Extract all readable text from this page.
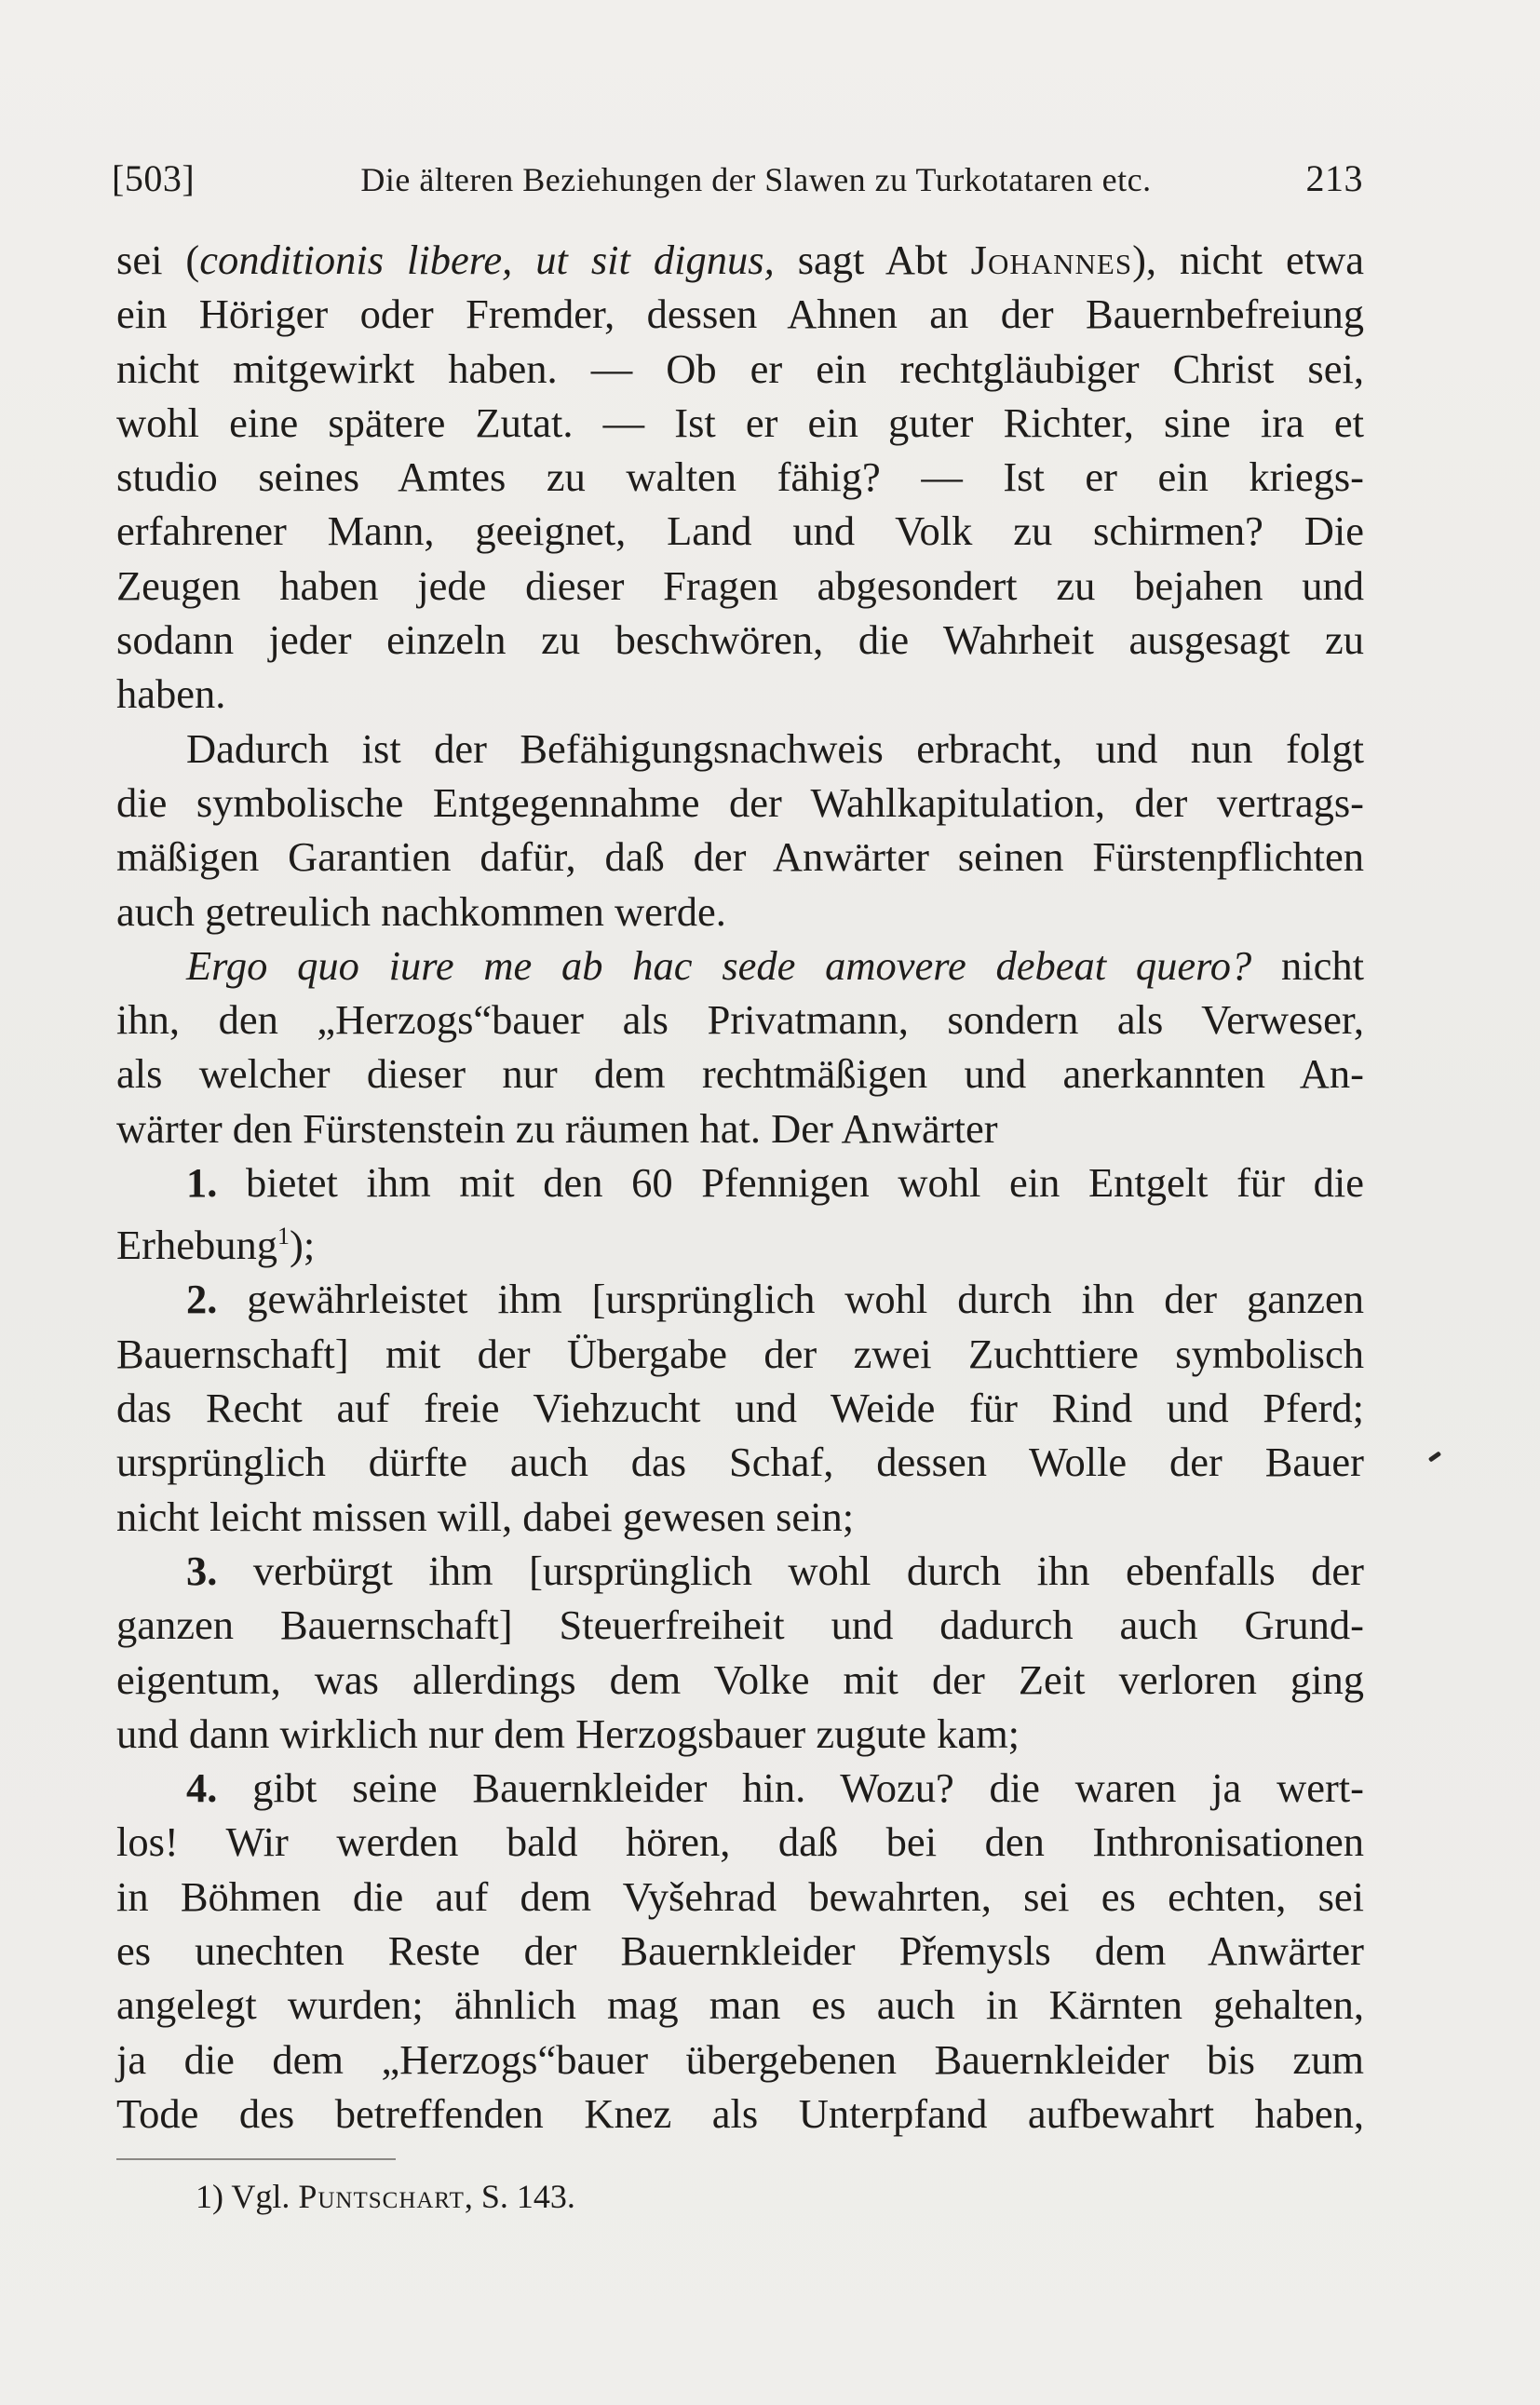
[503]	Die älteren Beziehungen der Slawen zu Turkotataren etc.	213

sei (conditionis libere, ut sit dignus, sagt Abt Johannes), nicht etwa
ein Höriger oder Fremder, dessen Ahnen an der Bauernbefreiung
nicht mitgewirkt haben. — Ob er ein rechtgläubiger Christ sei,
wohl eine spätere Zutat. — Ist er ein guter Richter, sine ira et
studio seines Amtes zu walten fähig? — Ist er ein kriegs-
erfahrener Mann, geeignet, Land und Volk zu schirmen? Die
Zeugen haben jede dieser Fragen abgesondert zu bejahen und
sodann jeder einzeln zu beschwören, die Wahrheit ausgesagt zu
haben.

Dadurch ist der Befähigungsnachweis erbracht, und nun folgt
die symbolische Entgegennahme der Wahlkapitulation, der vertrags-
mäßigen Garantien dafür, daß der Anwärter seinen Fürstenpflichten
auch getreulich nachkommen werde.

Ergo quo iure me ab hac sede amovere debeat quero? nicht
ihn, den „Herzogs“bauer als Privatmann, sondern als Verweser,
als welcher dieser nur dem rechtmäßigen und anerkannten An-
wärter den Fürstenstein zu räumen hat. Der Anwärter

1. bietet ihm mit den 60 Pfennigen wohl ein Entgelt für die
Erhebung$^1$);

2. gewährleistet ihm [ursprünglich wohl durch ihn der ganzen
Bauernschaft] mit der Übergabe der zwei Zuchttiere symbolisch
das Recht auf freie Viehzucht und Weide für Rind und Pferd;
ursprünglich dürfte auch das Schaf, dessen Wolle der Bauer
nicht leicht missen will, dabei gewesen sein;

3. verbürgt ihm [ursprünglich wohl durch ihn ebenfalls der
ganzen Bauernschaft] Steuerfreiheit und dadurch auch Grund-
eigentum, was allerdings dem Volke mit der Zeit verloren ging
und dann wirklich nur dem Herzogsbauer zugute kam;

4. gibt seine Bauernkleider hin. Wozu? die waren ja wert-
los! Wir werden bald hören, daß bei den Inthronisationen
in Böhmen die auf dem Vyšehrad bewahrten, sei es echten, sei
es unechten Reste der Bauernkleider Přemysls dem Anwärter
angelegt wurden; ähnlich mag man es auch in Kärnten gehalten,
ja die dem „Herzogs“bauer übergebenen Bauernkleider bis zum
Tode des betreffenden Knez als Unterpfand aufbewahrt haben,

1) Vgl. Puntschart, S. 143.
